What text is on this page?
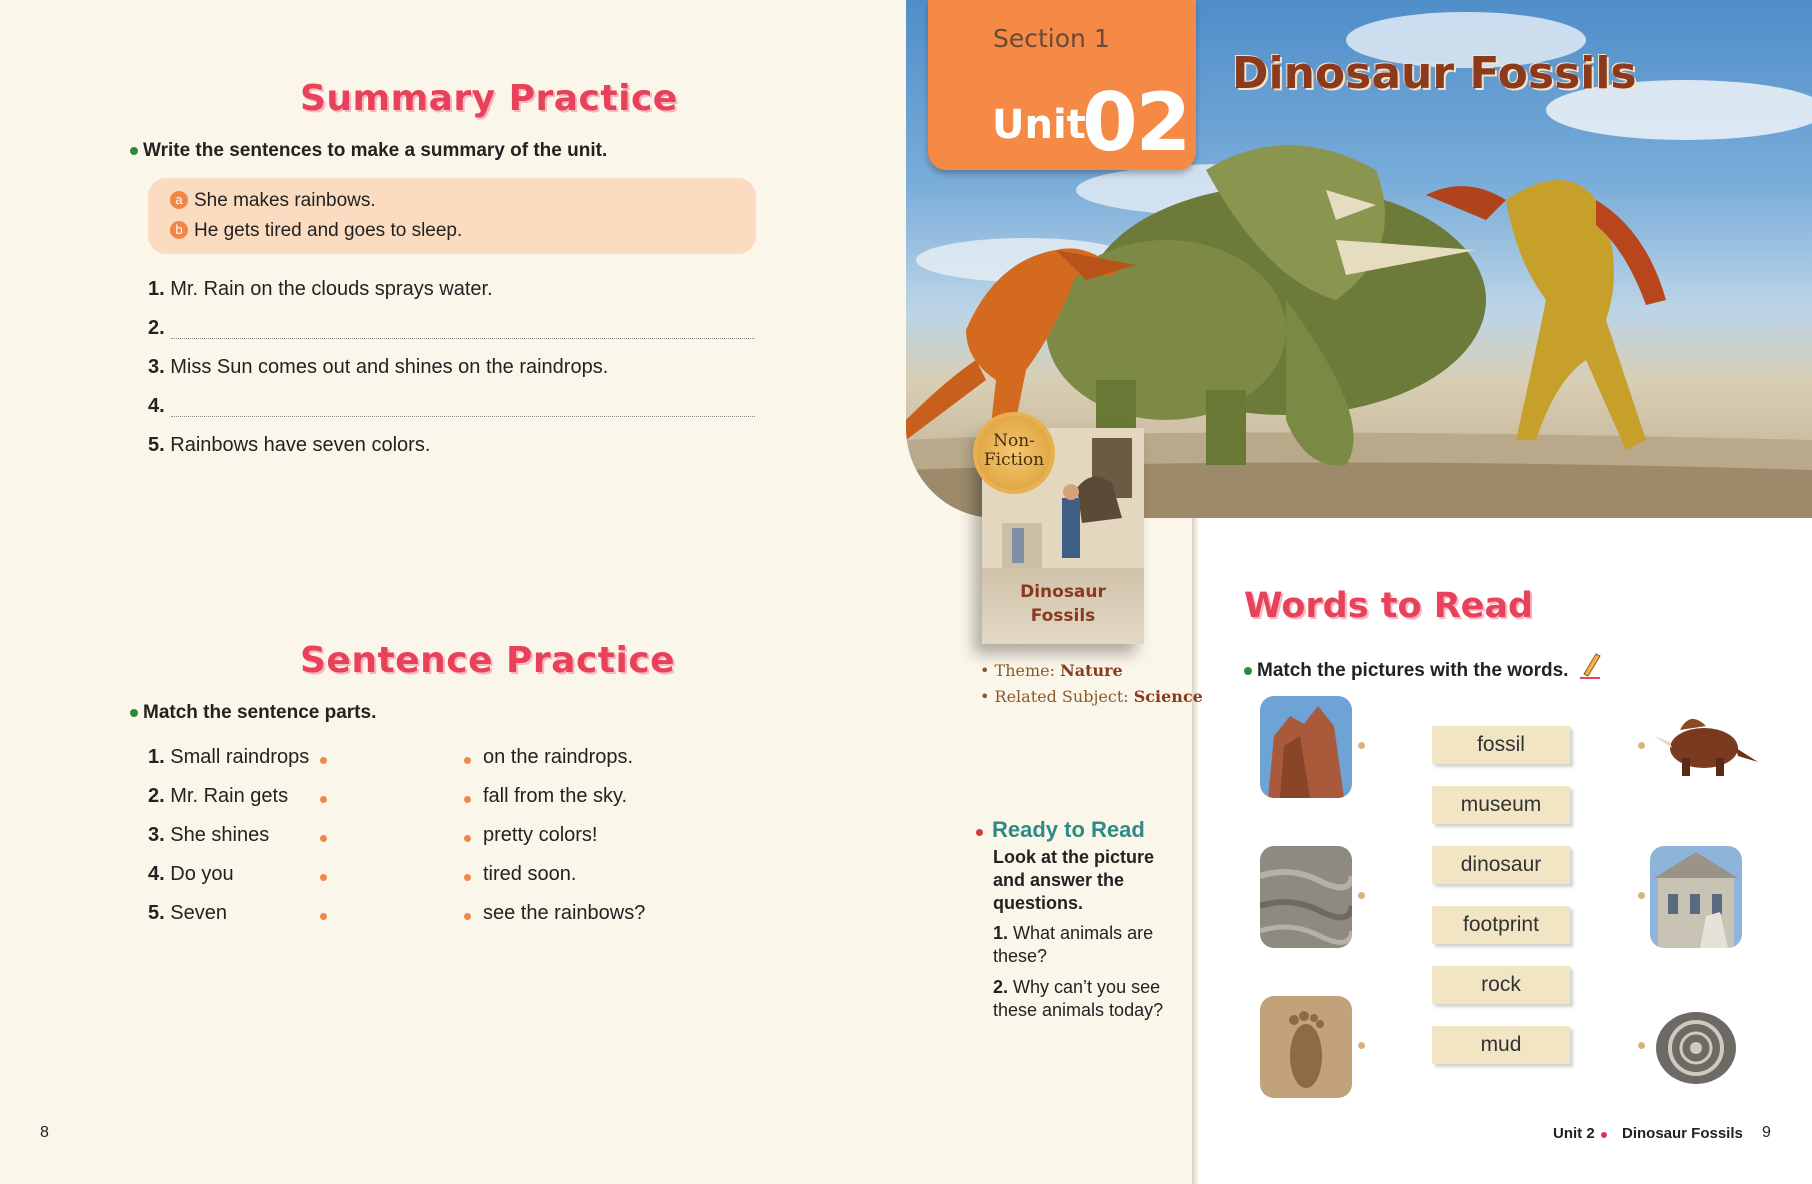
Summary Practice
Write the sentences to make a summary of the unit.
a She makes rainbows.
b He gets tired and goes to sleep.
1. Mr. Rain on the clouds sprays water.
2.
3. Miss Sun comes out and shines on the raindrops.
4.
5. Rainbows have seven colors.
Sentence Practice
Match the sentence parts.
1. Small raindrops
2. Mr. Rain gets
3. She shines
4. Do you
5. Seven
on the raindrops.
fall from the sky.
pretty colors!
tired soon.
see the rainbows?
8
Section 1
Unit
02
Dinosaur Fossils
Dinosaur
Fossils
Non-
Fiction
• Theme: Nature
• Related Subject: Science
Ready to Read
Look at the picture and answer the questions.
1. What animals are these?
2. Why can’t you see these animals today?
Words to Read
Match the pictures with the words.
fossil
museum
dinosaur
footprint
rock
mud
Unit 2 Dinosaur Fossils 9
